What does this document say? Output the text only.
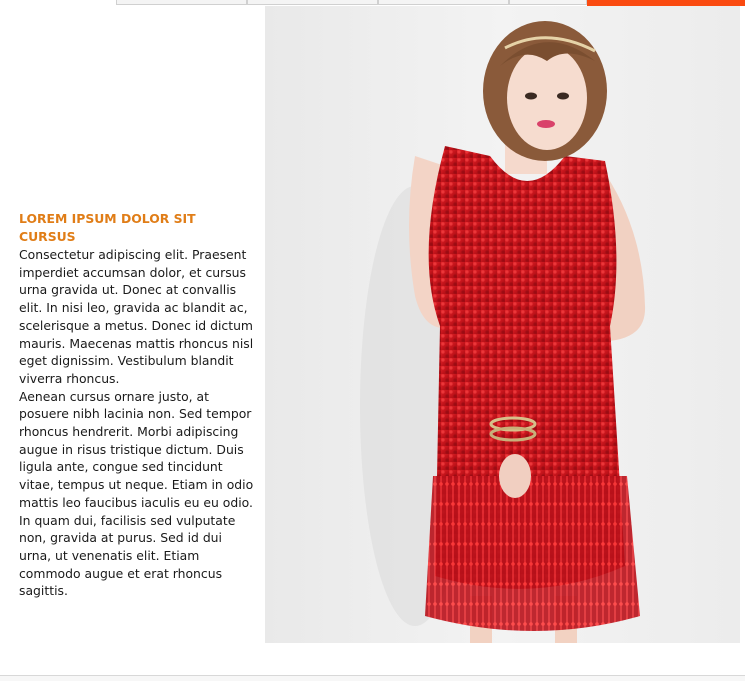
LOREM IPSUM DOLOR SIT CURSUS

Consectetur adipiscing elit. Praesent imperdiet accumsan dolor, et cursus urna gravida ut. Donec at convallis elit. In nisi leo, gravida ac blandit ac, scelerisque a metus. Donec id dictum mauris. Maecenas mattis rhoncus nisl eget dignissim. Vestibulum blandit viverra rhoncus.

Aenean cursus ornare justo, at posuere nibh lacinia non. Sed tempor rhoncus hendrerit. Morbi adipiscing augue in risus tristique dictum. Duis ligula ante, congue sed tincidunt vitae, tempus ut neque. Etiam in odio mattis leo faucibus iaculis eu eu odio. In quam dui, facilisis sed vulputate non, gravida at purus. Sed id dui urna, ut venenatis elit. Etiam commodo augue et erat rhoncus sagittis.
